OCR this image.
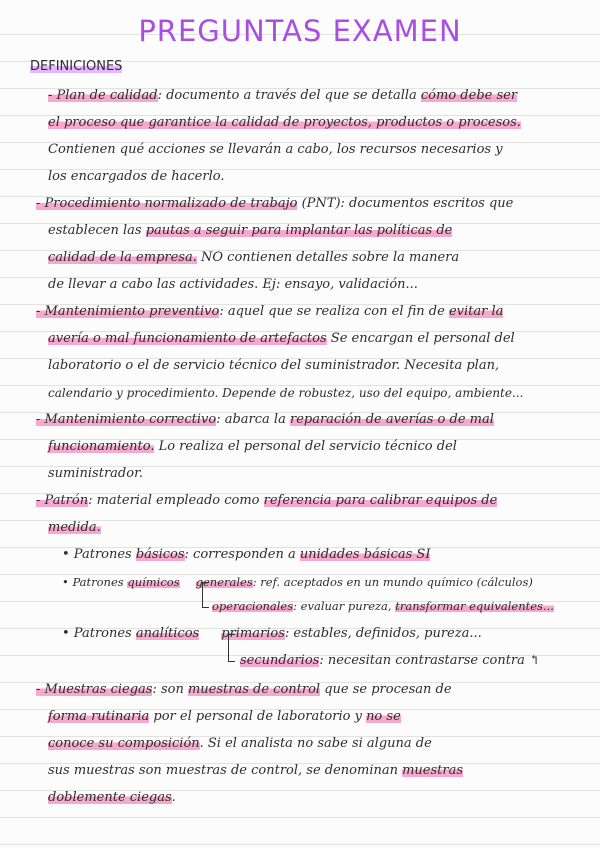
PREGUNTAS EXAMEN
DEFINICIONES
- Plan de calidad: documento a través del que se detalla cómo debe ser
el proceso que garantice la calidad de proyectos, productos o procesos.
Contienen qué acciones se llevarán a cabo, los recursos necesarios y
los encargados de hacerlo.
- Procedimiento normalizado de trabajo (PNT): documentos escritos que
establecen las pautas a seguir para implantar las políticas de
calidad de la empresa. NO contienen detalles sobre la manera
de llevar a cabo las actividades. Ej: ensayo, validación...
- Mantenimiento preventivo: aquel que se realiza con el fin de evitar la
avería o mal funcionamiento de artefactos Se encargan el personal del
laboratorio o el de servicio técnico del suministrador. Necesita plan,
calendario y procedimiento. Depende de robustez, uso del equipo, ambiente...
- Mantenimiento correctivo: abarca la reparación de averías o de mal
funcionamiento. Lo realiza el personal del servicio técnico del
suministrador.
- Patrón: material empleado como referencia para calibrar equipos de
medida.
• Patrones básicos: corresponden a unidades básicas SI
• Patrones químicos generales: ref. aceptados en un mundo químico (cálculos)
operacionales: evaluar pureza, transformar equivalentes...
• Patrones analíticos primarios: estables, definidos, pureza...
secundarios: necesitan contrastarse contra ↰
- Muestras ciegas: son muestras de control que se procesan de
forma rutinaria por el personal de laboratorio y no se
conoce su composición. Si el analista no sabe si alguna de
sus muestras son muestras de control, se denominan muestras
doblemente ciegas.
